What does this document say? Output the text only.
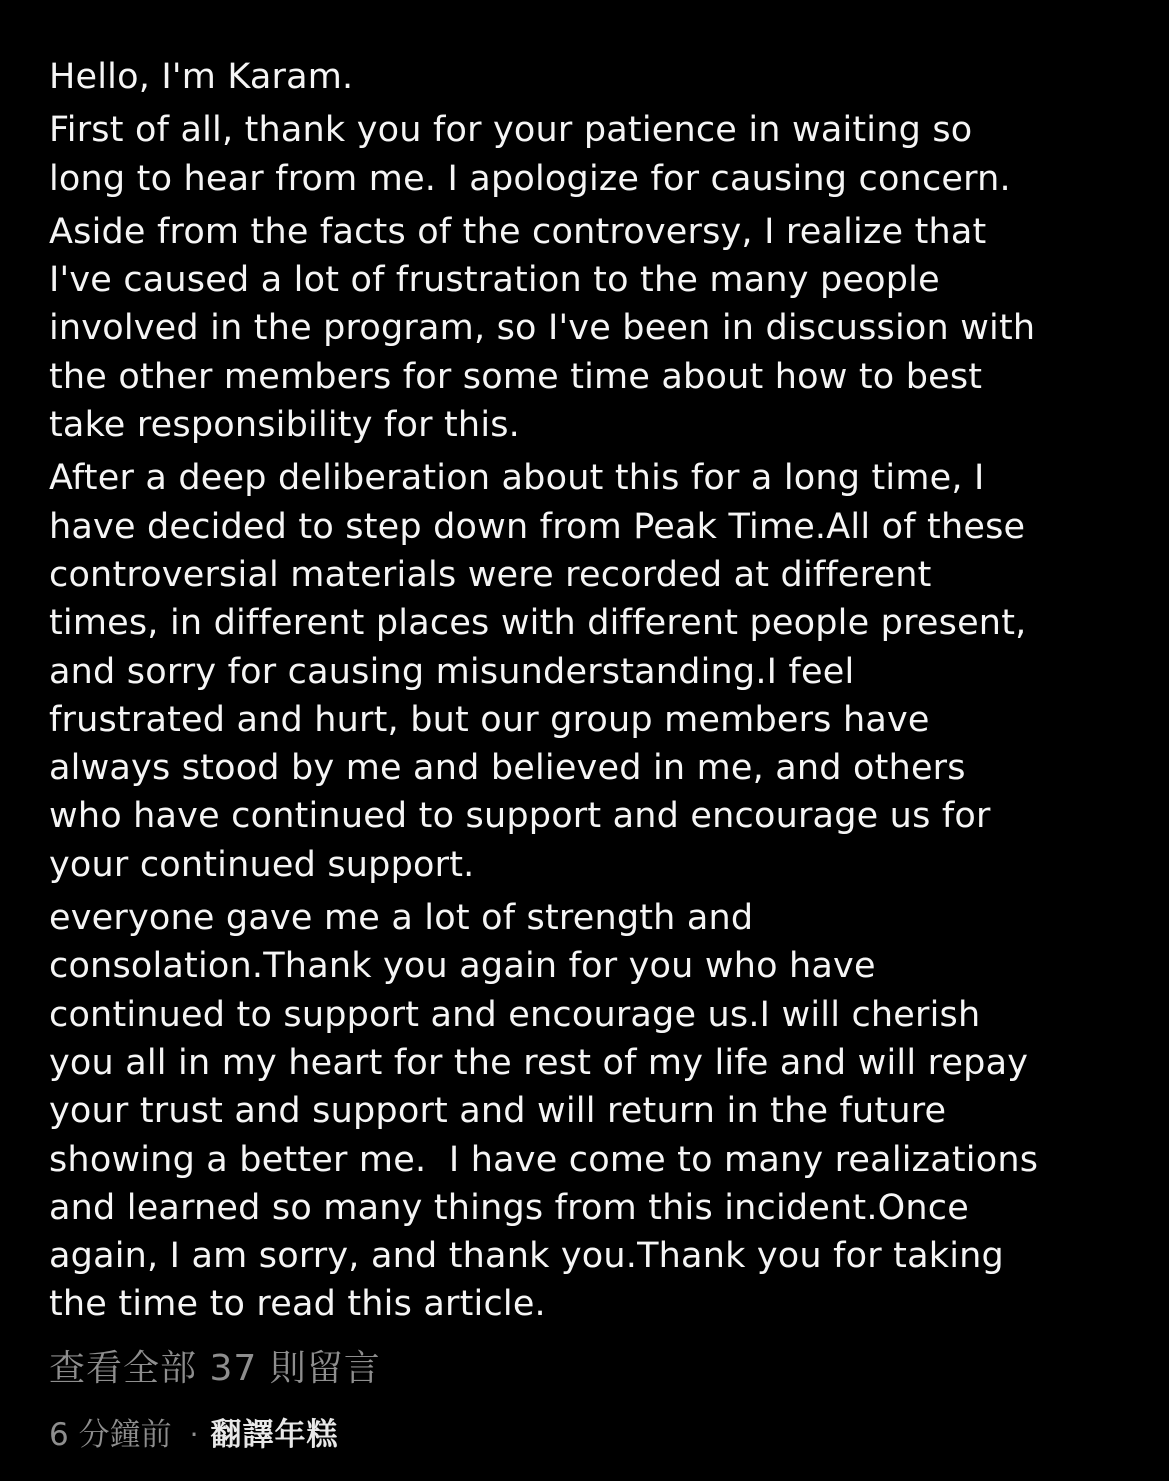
Hello, I'm Karam.

First of all, thank you for your patience in waiting so
long to hear from me. I apologize for causing concern.

Aside from the facts of the controversy, I realize that
I've caused a lot of frustration to the many people
involved in the program, so I've been in discussion with
the other members for some time about how to best
take responsibility for this.

After a deep deliberation about this for a long time, I
have decided to step down from Peak Time.All of these
controversial materials were recorded at different
times, in different places with different people present,
and sorry for causing misunderstanding.I feel
frustrated and hurt, but our group members have
always stood by me and believed in me, and others
who have continued to support and encourage us for
your continued support.

everyone gave me a lot of strength and
consolation.Thank you again for you who have
continued to support and encourage us.I will cherish
you all in my heart for the rest of my life and will repay
your trust and support and will return in the future
showing a better me.  I have come to many realizations
and learned so many things from this incident.Once
again, I am sorry, and thank you.Thank you for taking
the time to read this article.

查看全部 37 則留言
6 分鐘前 · 翻譯年糕
